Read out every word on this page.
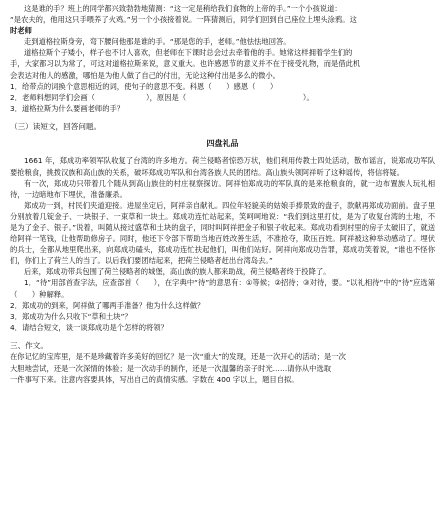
这是谁的手？班上的同学都兴致勃勃地猜测：“这一定是稍给我们食物的上帝的手。”一个小孩说道：

“是农夫的，他用这只手喂养了火鸡。”另一个小孩接着说。一阵猜测后，同学们回到自己座位上埋头涂鸦。这

时老师

走到道格拉斯身旁，弯下腰问他那是谁的手。“那是您的手，老师。”他怯怯地回答。

道格拉斯个子矮小，样子也不讨人喜欢，但老师在下课时总会过去牵着他的手。她常这样拥着学生们的

手，大家都习以为常了，可这对道格拉斯来说，意义重大。也许感恩节的意义并不在于接受礼物，而是借此机

会表达对他人的感激，哪怕是为他人做了自己的付出，无论这种付出是多么的微小。

1．给带点的词换个意思相近的词，使句子的意思不变。科恩（　　）感恩（　　）

2．老师料想同学们会画（　　　　　　　），原因是（　　　　　　　　　　　　　　　　）。

3．道格拉斯为什么要画老师的手？

（三）读短文，回答问题。

四盘礼品

1661 年，郑成功率领军队收复了台湾的许多地方。荷兰侵略者惊恐万状，他们利用传教士四处活动，散布谣言，说郑成功军队要抢粮食，挑拨汉族和高山族的关系，破坏郑成功军队和台湾各族人民的团结。高山族头领阿祥听了这种谣传，将信将疑。

有一次，郑成功只带着几个随从到高山族住的村庄视察探访。阿祥怕郑成功的军队真的是来抢粮食的，就一边布置族人玩礼相待，一边暗地布下埋伏，准备廉杀。

郑成功一到，村民们夹道迎接。进屋坐定后，阿祥亲自献礼。四位年轻貌美的姑娘手捧景致的盘子，款献再郑成功面前。盘子里分别放着几锭金子、一块银子、一束草和一块土。郑成功连忙站起来，笑呵呵地说：“我们到这里打仗，是为了收复台湾的土地，不是为了金子、银子。”说着，叫随从接过盛草和土块的盘子，同时叫阿祥把金子和银子收起来。郑成功看到村里的房子太破旧了，就送给阿祥一笔钱，让他帮助修房子。同时，他还下令部下帮助当地百姓改善生活，不准抢夺，欺压百姓。阿祥被这种举动感动了。埋伏的兵士，全都从地里爬出来，向郑成功磕头，郑成功连忙扶起他们，叫他们站好。阿祥向郑成功告罪，郑成功笑着说，“谁也不怪你们，你们上了荷兰人的当了。以后我们要团结起来，把荷兰侵略者赶出台湾岛去。”

后来，郑成功带兵包围了荷兰侵略者的城堡，高山族的族人都来助战，荷兰侵略者终于投降了。

1．“待”用部首查字法，应查部首（　　），在字典中“待”的意思有：①等候；②招待；③对待，要。“以礼相待”中的“待”应选第（　　）种解释。

2．郑成功的到来，阿祥做了哪两手准备？他为什么这样做？

3．郑成功为什么只收下“草和土块”？

4．请结合短文，谈一谈郑成功是个怎样的将领？

三、作文。

在你记忆的宝库里，是不是珍藏着许多美好的回忆？是一次“重大”的发现，还是一次开心的活动；是一次

大胆地尝试，还是一次深情的体验；是一次动手的制作，还是一次温馨的亲子时光……请你从中选取

一件事写下来。注意内容要具体，写出自己的真情实感。字数在 400 字以上，题目自拟。
